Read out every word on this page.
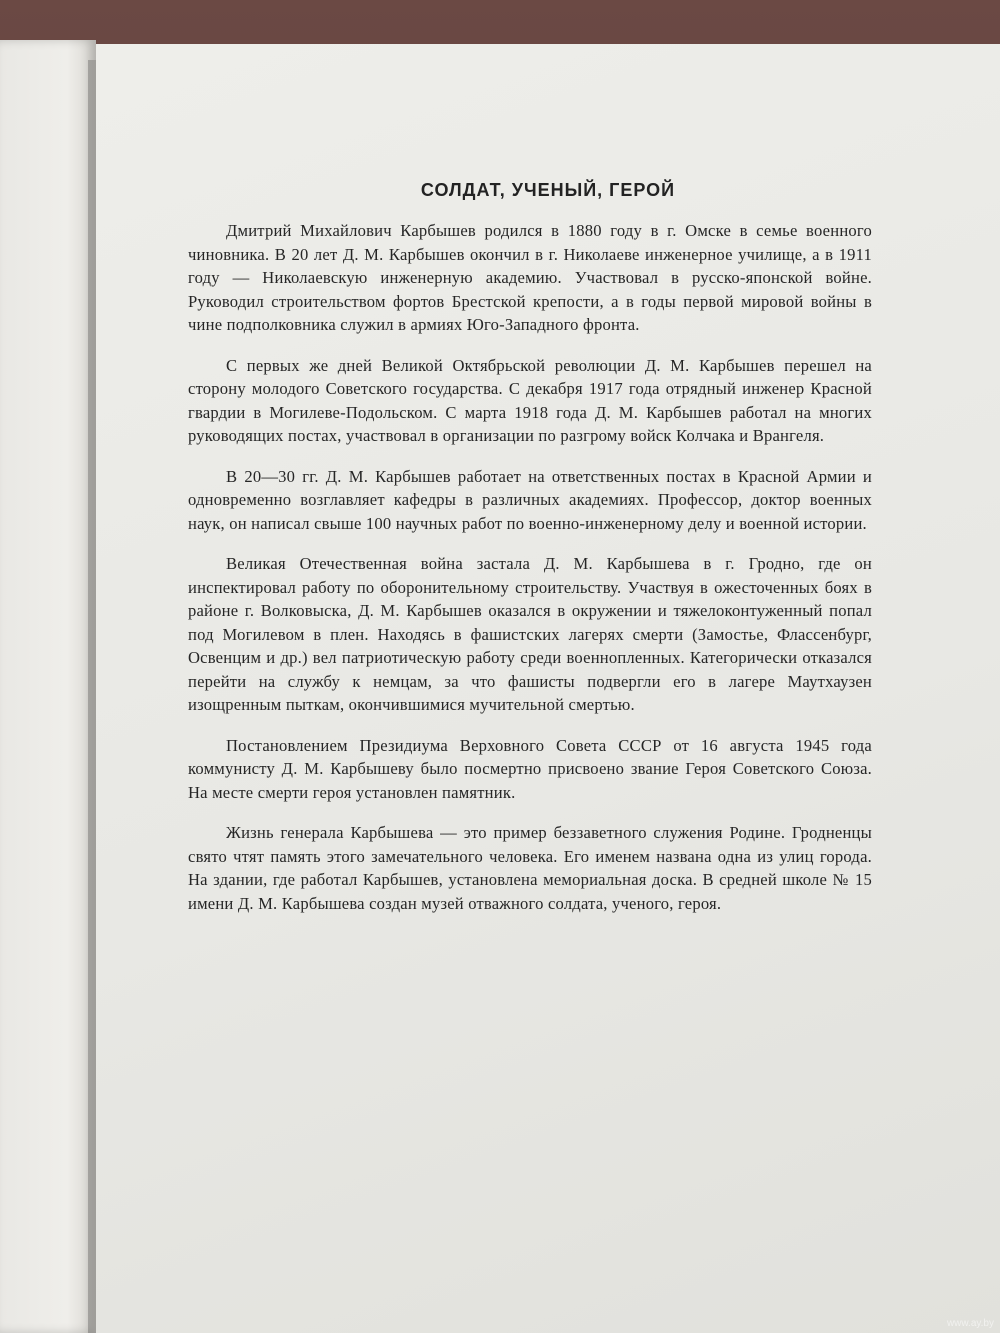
СОЛДАТ, УЧЕНЫЙ, ГЕРОЙ

Дмитрий Михайлович Карбышев родился в 1880 году в г. Омске в семье военного чиновника. В 20 лет Д. М. Карбышев окончил в г. Николаеве инженерное училище, а в 1911 году — Николаевскую инженерную академию. Участвовал в русско-японской войне. Руководил строительством фортов Брестской крепости, а в годы первой мировой войны в чине подполковника служил в армиях Юго-Западного фронта.

С первых же дней Великой Октябрьской революции Д. М. Карбышев перешел на сторону молодого Советского государства. С декабря 1917 года отрядный инженер Красной гвардии в Могилеве-Подольском. С марта 1918 года Д. М. Карбышев работал на многих руководящих постах, участвовал в организации по разгрому войск Колчака и Врангеля.

В 20—30 гг. Д. М. Карбышев работает на ответственных постах в Красной Армии и одновременно возглавляет кафедры в различных академиях. Профессор, доктор военных наук, он написал свыше 100 научных работ по военно-инженерному делу и военной истории.

Великая Отечественная война застала Д. М. Карбышева в г. Гродно, где он инспектировал работу по оборонительному строительству. Участвуя в ожесточенных боях в районе г. Волковыска, Д. М. Карбышев оказался в окружении и тяжелоконтуженный попал под Могилевом в плен. Находясь в фашистских лагерях смерти (Замостье, Флассенбург, Освенцим и др.) вел патриотическую работу среди военнопленных. Категорически отказался перейти на службу к немцам, за что фашисты подвергли его в лагере Маутхаузен изощренным пыткам, окончившимися мучительной смертью.

Постановлением Президиума Верховного Совета СССР от 16 августа 1945 года коммунисту Д. М. Карбышеву было посмертно присвоено звание Героя Советского Союза. На месте смерти героя установлен памятник.

Жизнь генерала Карбышева — это пример беззаветного служения Родине. Гродненцы свято чтят память этого замечательного человека. Его именем названа одна из улиц города. На здании, где работал Карбышев, установлена мемориальная доска. В средней школе № 15 имени Д. М. Карбышева создан музей отважного солдата, ученого, героя.

www.ay.by
